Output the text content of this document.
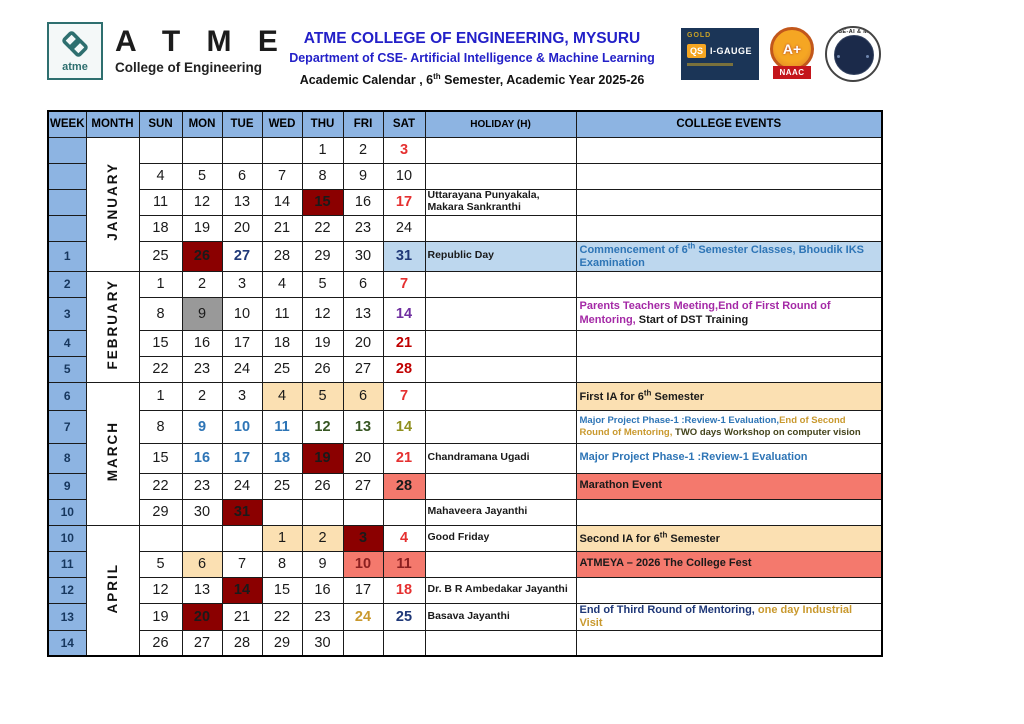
atme
A T M E
College of Engineering
ATME COLLEGE OF ENGINEERING, MYSURU
Department of CSE- Artificial Intelligence & Machine Learning
Academic Calendar , 6th Semester, Academic Year 2025-26
GOLD
QS I-GAUGE A+
NAAC
CSE-AI & ML
WEEK	MONTH	SUN	MON	TUE	WED	THU	FRI	SAT	HOLIDAY (H)	COLLEGE EVENTS
	JANUARY					1	2	3		
		4	5	6	7	8	9	10		
		11	12	13	14	15	16	17	Uttarayana Punyakala, Makara Sankranthi	
		18	19	20	21	22	23	24		
1		25	26	27	28	29	30	31	Republic Day	Commencement of 6th Semester Classes, Bhoudik IKS Examination
2	FEBRUARY	1	2	3	4	5	6	7		
3		8	9	10	11	12	13	14		Parents Teachers Meeting,End of First Round of Mentoring, Start of DST Training
4		15	16	17	18	19	20	21		
5		22	23	24	25	26	27	28		
6	MARCH	1	2	3	4	5	6	7		First IA for 6th Semester
7		8	9	10	11	12	13	14		Major Project Phase-1 :Review-1 Evaluation,End of Second Round of Mentoring, TWO days Workshop on computer vision
8		15	16	17	18	19	20	21	Chandramana Ugadi	Major Project Phase-1 :Review-1 Evaluation
9		22	23	24	25	26	27	28		Marathon Event
10		29	30	31					Mahaveera Jayanthi	
10	APRIL				1	2	3	4	Good Friday	Second IA for 6th Semester
11		5	6	7	8	9	10	11		ATMEYA – 2026 The College Fest
12		12	13	14	15	16	17	18	Dr. B R Ambedakar Jayanthi	
13		19	20	21	22	23	24	25	Basava Jayanthi	End of Third Round of Mentoring, one day Industrial Visit
14		26	27	28	29	30				
